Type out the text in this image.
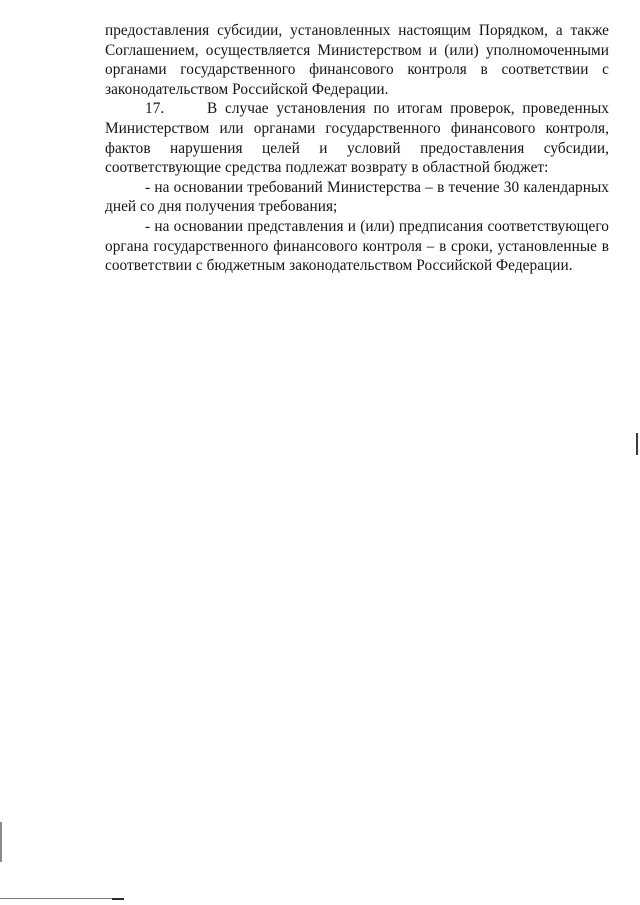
предоставления субсидии, установленных настоящим Порядком, а также
Соглашением, осуществляется Министерством и (или) уполномоченными
органами государственного финансового контроля в соответствии с
законодательством Российской Федерации.
17.	В случае установления по итогам проверок, проведенных
Министерством или органами государственного финансового контроля,
фактов нарушения целей и условий предоставления субсидии,
соответствующие средства подлежат возврату в областной бюджет:
- на основании требований Министерства – в течение 30 календарных
дней со дня получения требования;
- на основании представления и (или) предписания соответствующего
органа государственного финансового контроля – в сроки, установленные в
соответствии с бюджетным законодательством Российской Федерации.
